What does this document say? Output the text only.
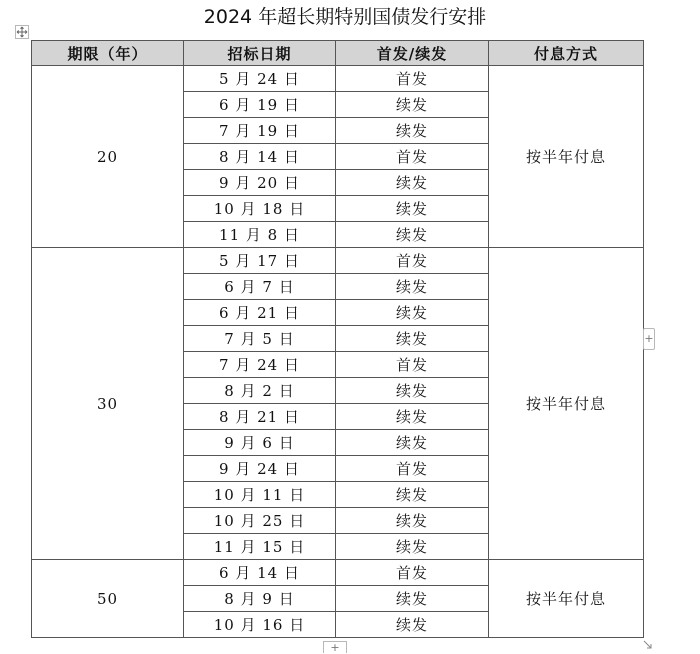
2024 年超长期特别国债发行安排
期限（年）	招标日期	首发/续发	付息方式
20	5 月 24 日	首发	按半年付息
	6 月 19 日	续发	
	7 月 19 日	续发	
	8 月 14 日	首发	
	9 月 20 日	续发	
	10 月 18 日	续发	
	11 月 8 日	续发	
30	5 月 17 日	首发	按半年付息
	6 月 7 日	续发	
	6 月 21 日	续发	
	7 月 5 日	续发	
	7 月 24 日	首发	
	8 月 2 日	续发	
	8 月 21 日	续发	
	9 月 6 日	续发	
	9 月 24 日	首发	
	10 月 11 日	续发	
	10 月 25 日	续发	
	11 月 15 日	续发	
50	6 月 14 日	首发	按半年付息
	8 月 9 日	续发	
	10 月 16 日	续发	
+
+
